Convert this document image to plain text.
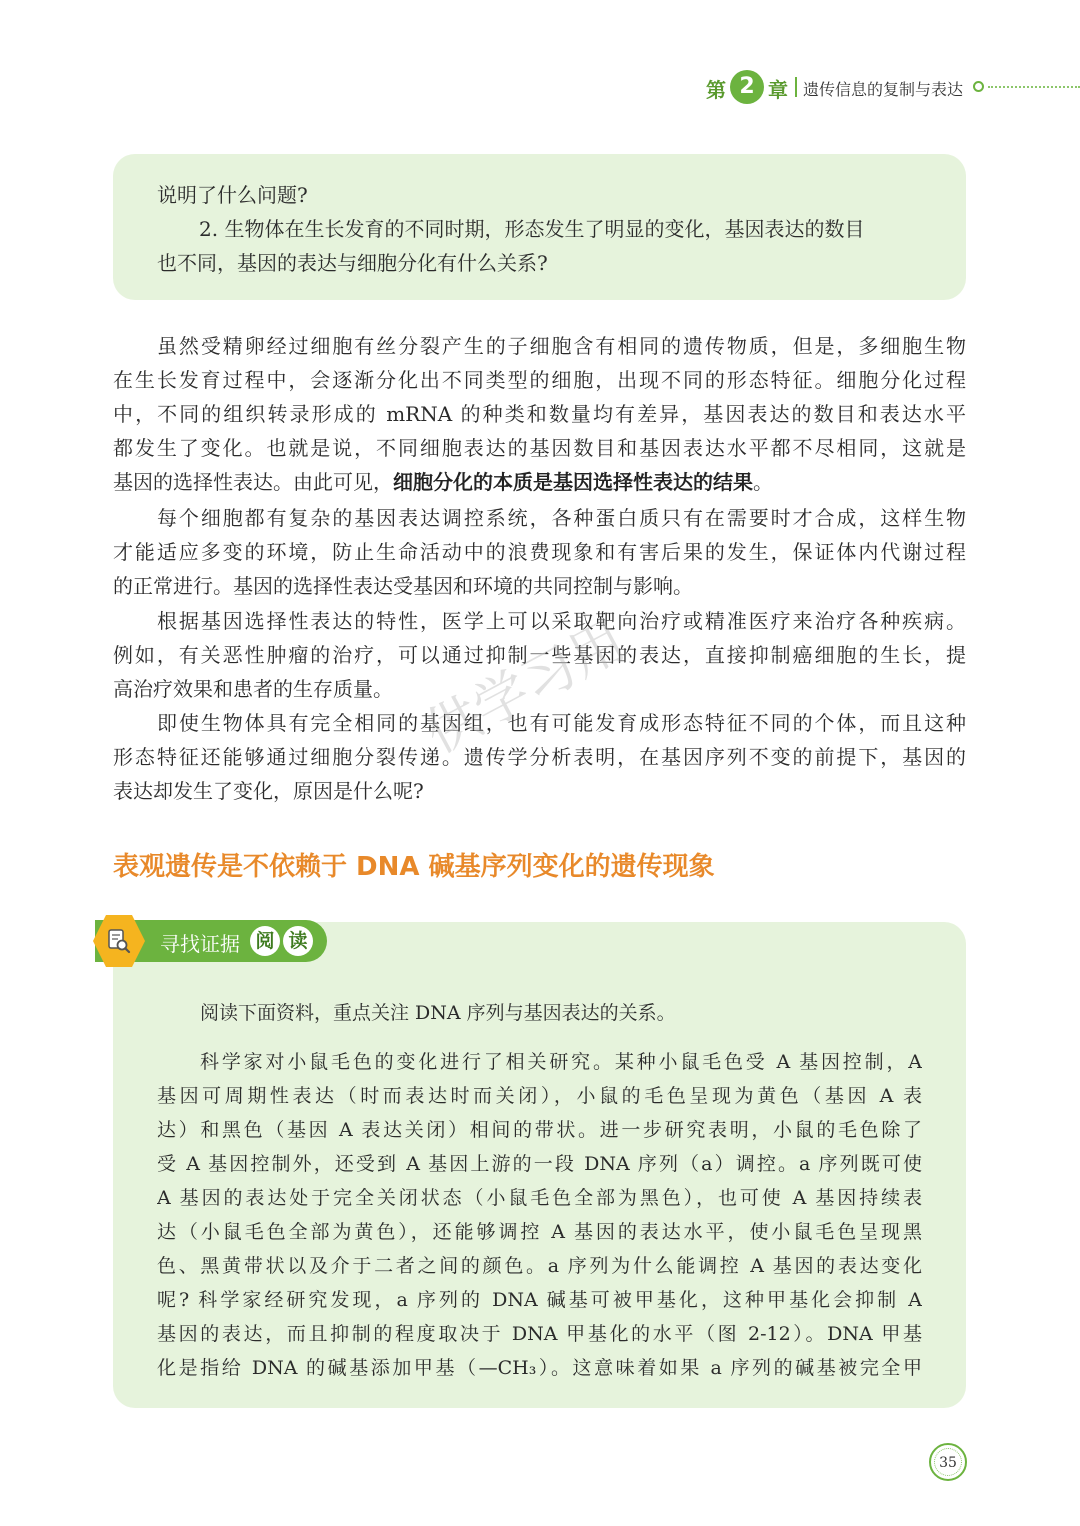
第 2 章 遗传信息的复制与表达
说明了什么问题?
2. 生物体在生长发育的不同时期，形态发生了明显的变化，基因表达的数目
也不同，基因的表达与细胞分化有什么关系?
虽然受精卵经过细胞有丝分裂产生的子细胞含有相同的遗传物质，但是，多细胞生物
在生长发育过程中，会逐渐分化出不同类型的细胞，出现不同的形态特征。细胞分化过程
中，不同的组织转录形成的 mRNA 的种类和数量均有差异，基因表达的数目和表达水平
都发生了变化。也就是说，不同细胞表达的基因数目和基因表达水平都不尽相同，这就是
基因的选择性表达。由此可见，细胞分化的本质是基因选择性表达的结果。
每个细胞都有复杂的基因表达调控系统，各种蛋白质只有在需要时才合成，这样生物
才能适应多变的环境，防止生命活动中的浪费现象和有害后果的发生，保证体内代谢过程
的正常进行。基因的选择性表达受基因和环境的共同控制与影响。
根据基因选择性表达的特性，医学上可以采取靶向治疗或精准医疗来治疗各种疾病。
例如，有关恶性肿瘤的治疗，可以通过抑制一些基因的表达，直接抑制癌细胞的生长，提
高治疗效果和患者的生存质量。
即使生物体具有完全相同的基因组，也有可能发育成形态特征不同的个体，而且这种
形态特征还能够通过细胞分裂传递。遗传学分析表明，在基因序列不变的前提下，基因的
表达却发生了变化，原因是什么呢?
供学习用
表观遗传是不依赖于 DNA 碱基序列变化的遗传现象
寻找证据 阅 读
阅读下面资料，重点关注 DNA 序列与基因表达的关系。
科学家对小鼠毛色的变化进行了相关研究。某种小鼠毛色受 A 基因控制，A
基因可周期性表达（时而表达时而关闭），小鼠的毛色呈现为黄色（基因 A 表
达）和黑色（基因 A 表达关闭）相间的带状。进一步研究表明，小鼠的毛色除了
受 A 基因控制外，还受到 A 基因上游的一段 DNA 序列（a）调控。a 序列既可使
A 基因的表达处于完全关闭状态（小鼠毛色全部为黑色），也可使 A 基因持续表
达（小鼠毛色全部为黄色），还能够调控 A 基因的表达水平，使小鼠毛色呈现黑
色、黑黄带状以及介于二者之间的颜色。a 序列为什么能调控 A 基因的表达变化
呢? 科学家经研究发现，a 序列的 DNA 碱基可被甲基化，这种甲基化会抑制 A
基因的表达，而且抑制的程度取决于 DNA 甲基化的水平（图 2-12）。DNA 甲基
化是指给 DNA 的碱基添加甲基（—CH₃）。这意味着如果 a 序列的碱基被完全甲
35
